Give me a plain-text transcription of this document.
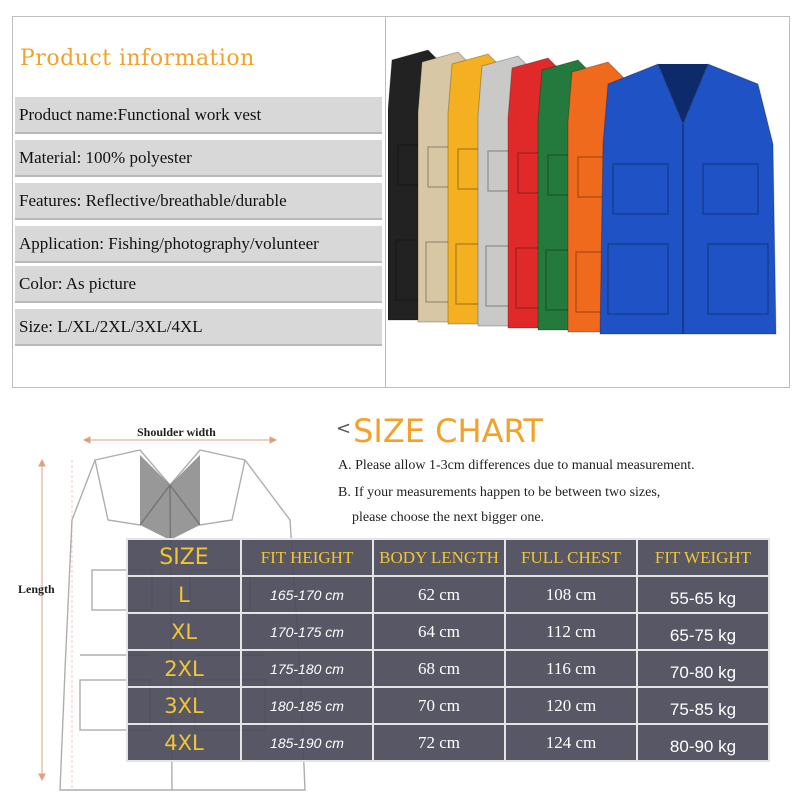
Product information
Product name:Functional work vest
Material: 100% polyester
Features: Reflective/breathable/durable
Application: Fishing/photography/volunteer
Color: As picture
Size: L/XL/2XL/3XL/4XL
Shoulder width
Length
<SIZE CHART
A. Please allow 1-3cm differences due to manual measurement.
B. If your measurements happen to be between two sizes,
please choose the next bigger one.
SIZE	FIT HEIGHT	BODY LENGTH	FULL CHEST	FIT WEIGHT
L	165-170 cm	62 cm	108 cm	55-65 kg
XL	170-175 cm	64 cm	112 cm	65-75 kg
2XL	175-180 cm	68 cm	116 cm	70-80 kg
3XL	180-185 cm	70 cm	120 cm	75-85 kg
4XL	185-190 cm	72 cm	124 cm	80-90 kg
